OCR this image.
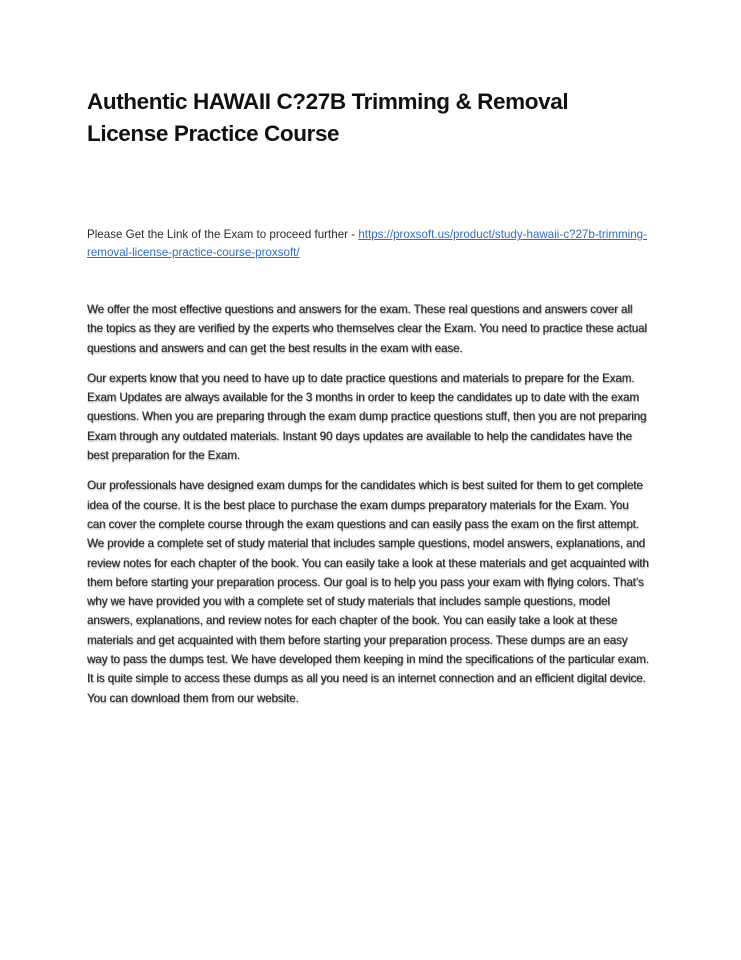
Authentic HAWAII C?27B Trimming & Removal License Practice Course

Please Get the Link of the Exam to proceed further - https://proxsoft.us/product/study-hawaii-c?27b-trimming-removal-license-practice-course-proxsoft/

We offer the most effective questions and answers for the exam. These real questions and answers cover all the topics as they are verified by the experts who themselves clear the Exam. You need to practice these actual questions and answers and can get the best results in the exam with ease.

Our experts know that you need to have up to date practice questions and materials to prepare for the Exam. Exam Updates are always available for the 3 months in order to keep the candidates up to date with the exam questions. When you are preparing through the exam dump practice questions stuff, then you are not preparing Exam through any outdated materials. Instant 90 days updates are available to help the candidates have the best preparation for the Exam.

Our professionals have designed exam dumps for the candidates which is best suited for them to get complete idea of the course. It is the best place to purchase the exam dumps preparatory materials for the Exam. You can cover the complete course through the exam questions and can easily pass the exam on the first attempt. We provide a complete set of study material that includes sample questions, model answers, explanations, and review notes for each chapter of the book. You can easily take a look at these materials and get acquainted with them before starting your preparation process. Our goal is to help you pass your exam with flying colors. That’s why we have provided you with a complete set of study materials that includes sample questions, model answers, explanations, and review notes for each chapter of the book. You can easily take a look at these materials and get acquainted with them before starting your preparation process. These dumps are an easy way to pass the dumps test. We have developed them keeping in mind the specifications of the particular exam. It is quite simple to access these dumps as all you need is an internet connection and an efficient digital device. You can download them from our website.
